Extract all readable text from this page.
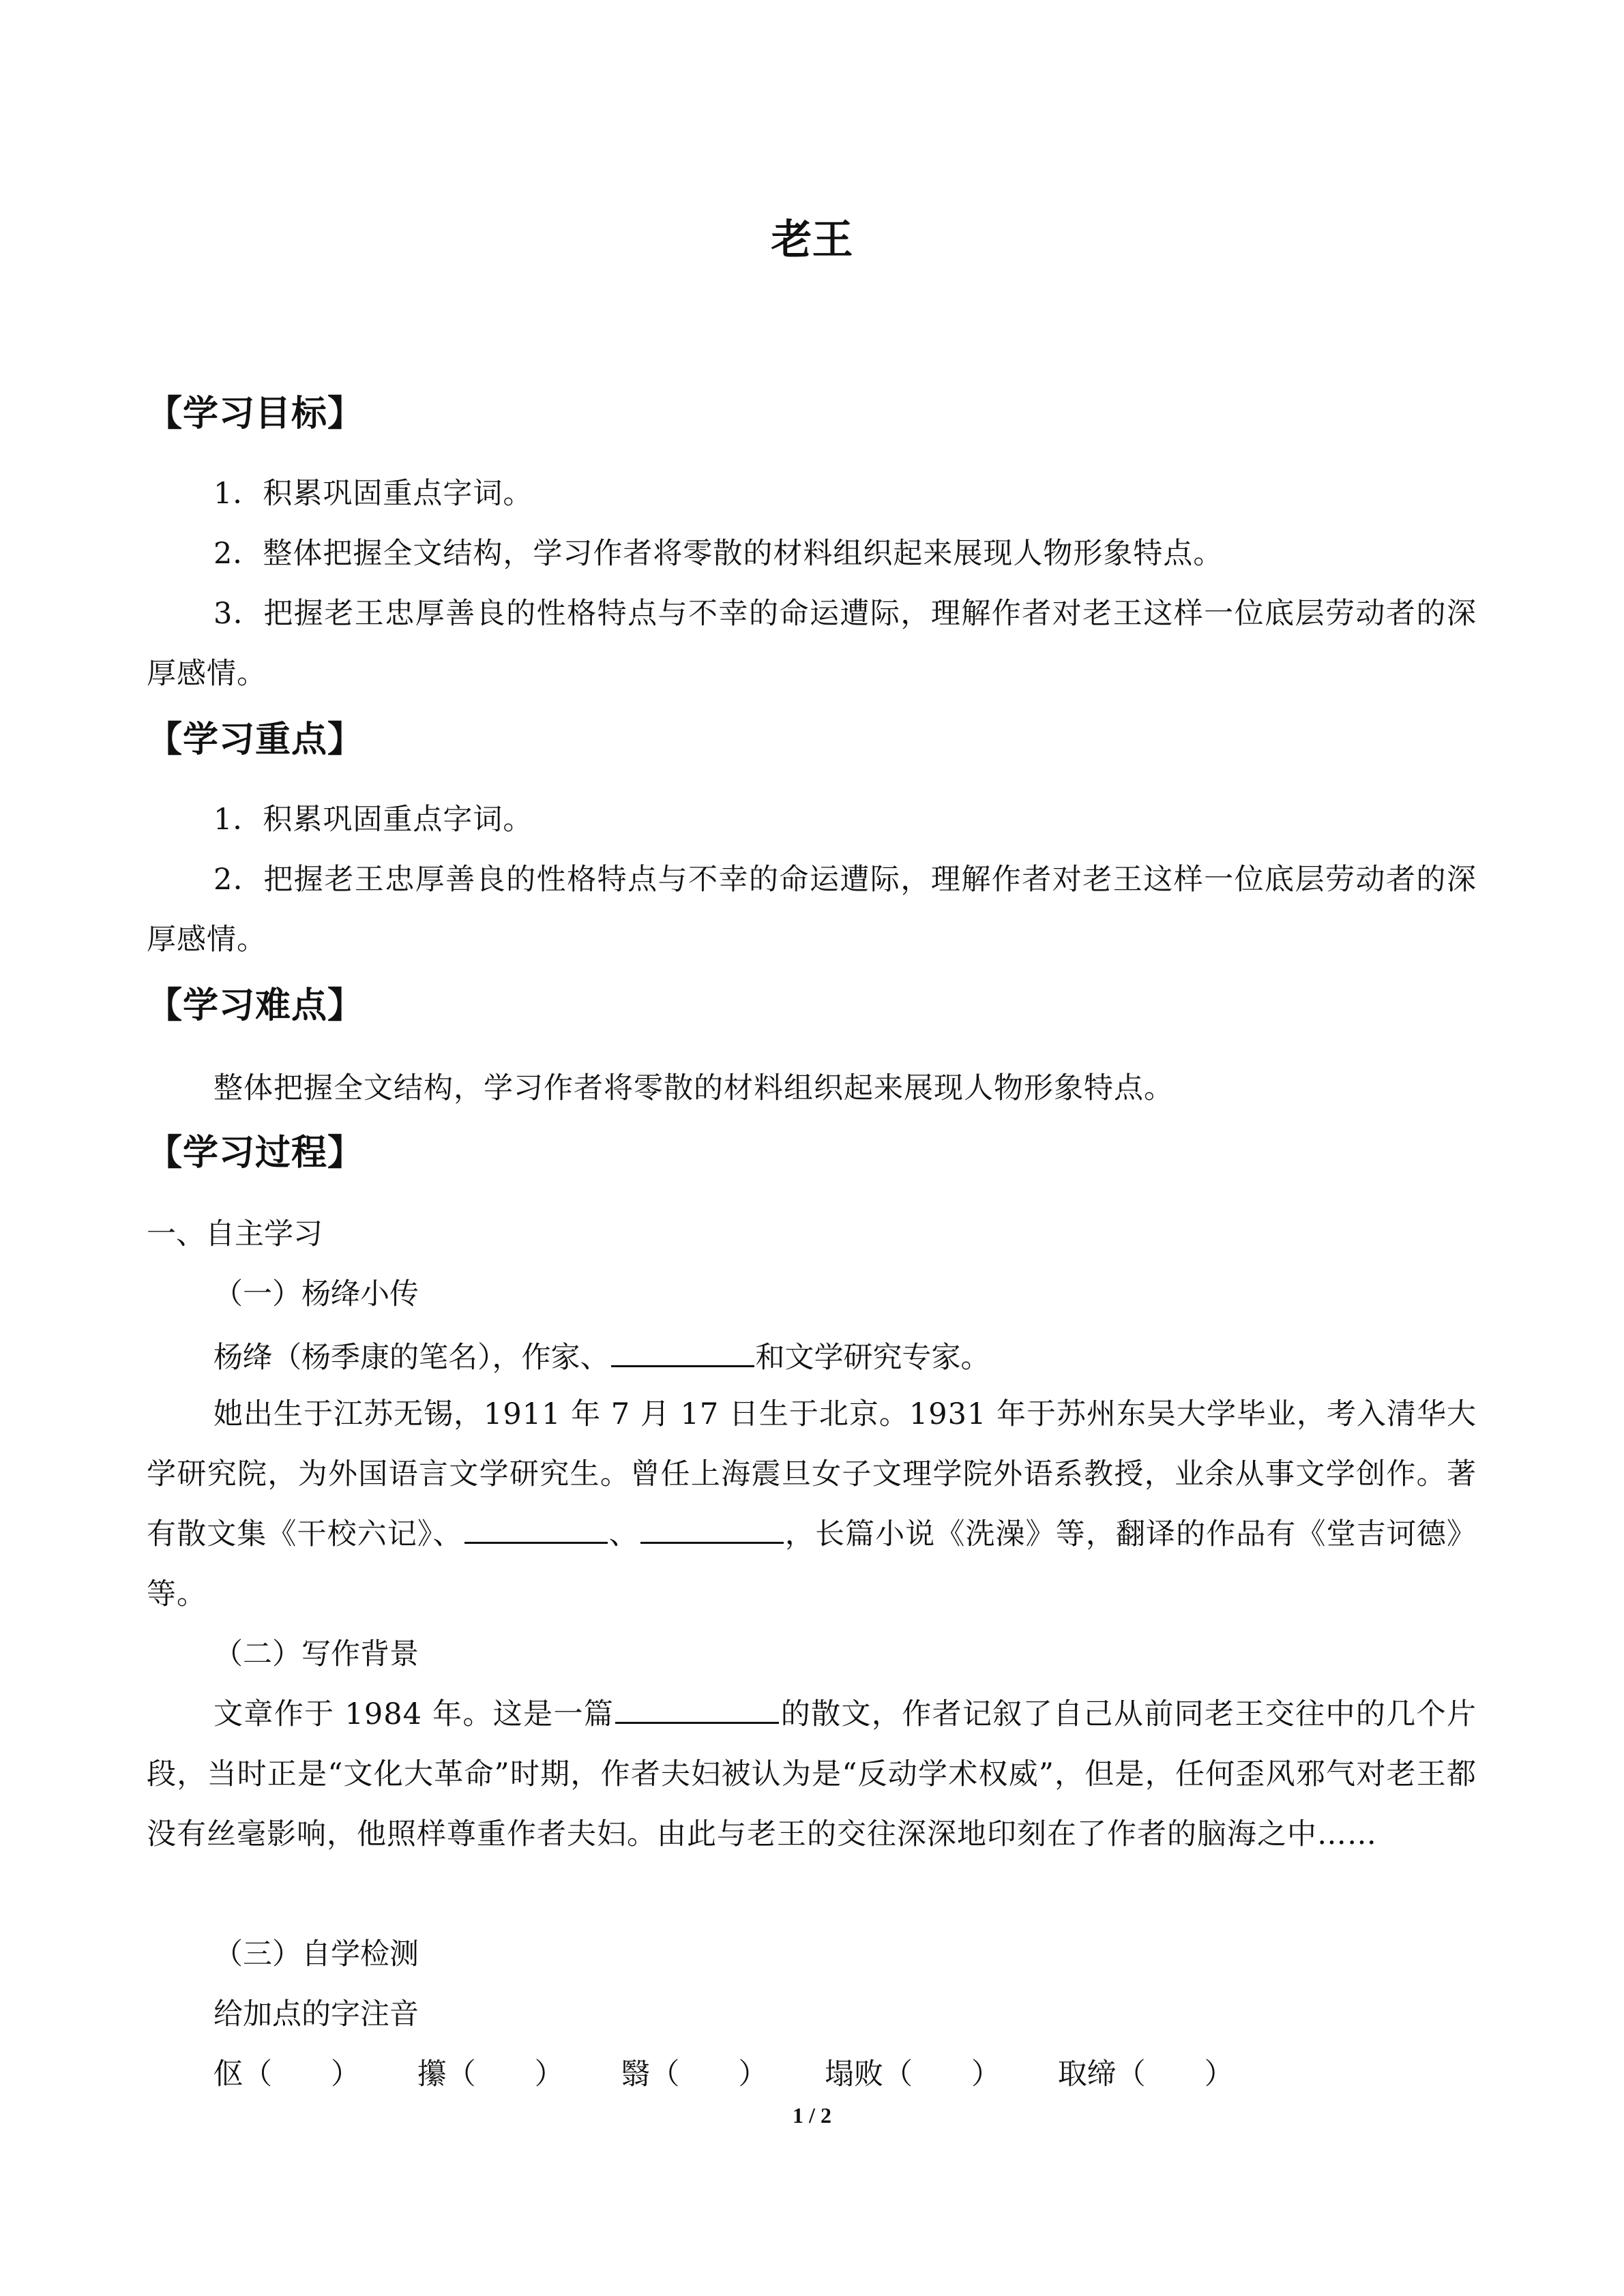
老王
【学习目标】
1．积累巩固重点字词。
2．整体把握全文结构，学习作者将零散的材料组织起来展现人物形象特点。
3．把握老王忠厚善良的性格特点与不幸的命运遭际，理解作者对老王这样一位底层劳动者的深厚感情。
【学习重点】
1．积累巩固重点字词。
2．把握老王忠厚善良的性格特点与不幸的命运遭际，理解作者对老王这样一位底层劳动者的深厚感情。
【学习难点】
整体把握全文结构，学习作者将零散的材料组织起来展现人物形象特点。
【学习过程】
一、自主学习
（一）杨绛小传
杨绛（杨季康的笔名），作家、	和文学研究专家。
她出生于江苏无锡，1911 年 7 月 17 日生于北京。1931 年于苏州东吴大学毕业，考入清华大学研究院，为外国语言文学研究生。曾任上海震旦女子文理学院外语系教授，业余从事文学创作。著有散文集《干校六记》、	、	，长篇小说《洗澡》等，翻译的作品有《堂吉诃德》等。
（二）写作背景
文章作于 1984 年。这是一篇	的散文，作者记叙了自己从前同老王交往中的几个片段，当时正是“文化大革命”时期，作者夫妇被认为是“反动学术权威”，但是，任何歪风邪气对老王都没有丝毫影响，他照样尊重作者夫妇。由此与老王的交往深深地印刻在了作者的脑海之中……
（三）自学检测
给加点的字注音
伛（　　） 攥（　　） 翳（　　） 塌败（　　） 取缔（　　）
1 / 2
